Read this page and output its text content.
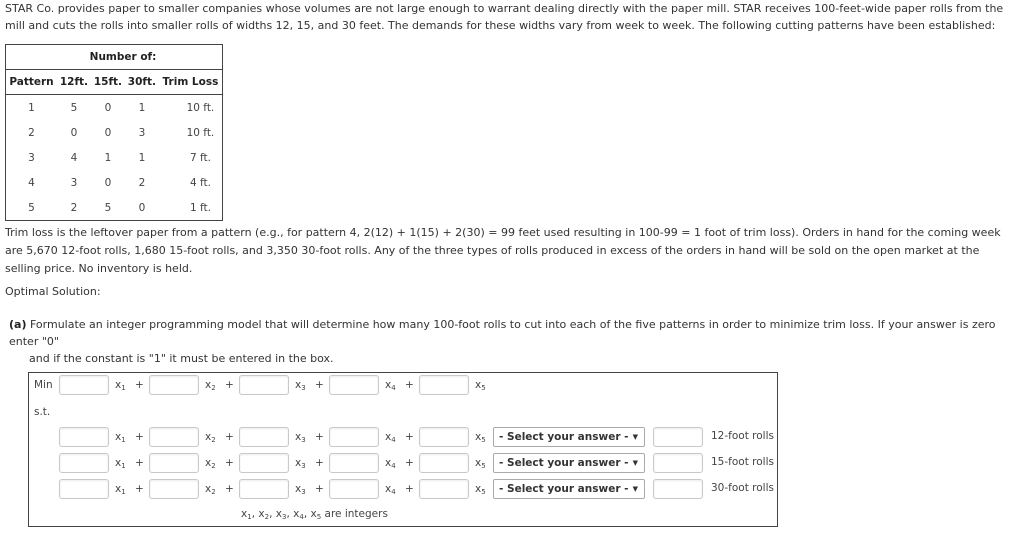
STAR Co. provides paper to smaller companies whose volumes are not large enough to warrant dealing directly with the paper mill. STAR receives 100-feet-wide paper rolls from the mill and cuts the rolls into smaller rolls of widths 12, 15, and 30 feet. The demands for these widths vary from week to week. The following cutting patterns have been established:

Number of:				
Pattern	12ft.	15ft.	30ft.	Trim Loss
1	5	0	1	10 ft.
2	0	0	3	10 ft.
3	4	1	1	7 ft.
4	3	0	2	4 ft.
5	2	5	0	1 ft.

Trim loss is the leftover paper from a pattern (e.g., for pattern 4, 2(12) + 1(15) + 2(30) = 99 feet used resulting in 100-99 = 1 foot of trim loss). Orders in hand for the coming week are 5,670 12-foot rolls, 1,680 15-foot rolls, and 3,350 30-foot rolls. Any of the three types of rolls produced in excess of the orders in hand will be sold on the open market at the selling price. No inventory is held.

Optimal Solution:

(a) Formulate an integer programming model that will determine how many 100-foot rolls to cut into each of the five patterns in order to minimize trim loss. If your answer is zero enter "0"
and if the constant is "1" it must be entered in the box.

Min
s.t.
$x_1$, $x_2$, $x_3$, $x_4$, $x_5$ are integers
$x_1$ +	$x_2$ +	$x_3$ +	$x_4$ +	$x_5$
$x_1$ +	$x_2$ +	$x_3$ +	$x_4$ +	$x_5$	- Select your answer - ▼	12-foot rolls
$x_1$ +	$x_2$ +	$x_3$ +	$x_4$ +	$x_5$	- Select your answer - ▼	15-foot rolls
$x_1$ +	$x_2$ +	$x_3$ +	$x_4$ +	$x_5$	- Select your answer - ▼	30-foot rolls
